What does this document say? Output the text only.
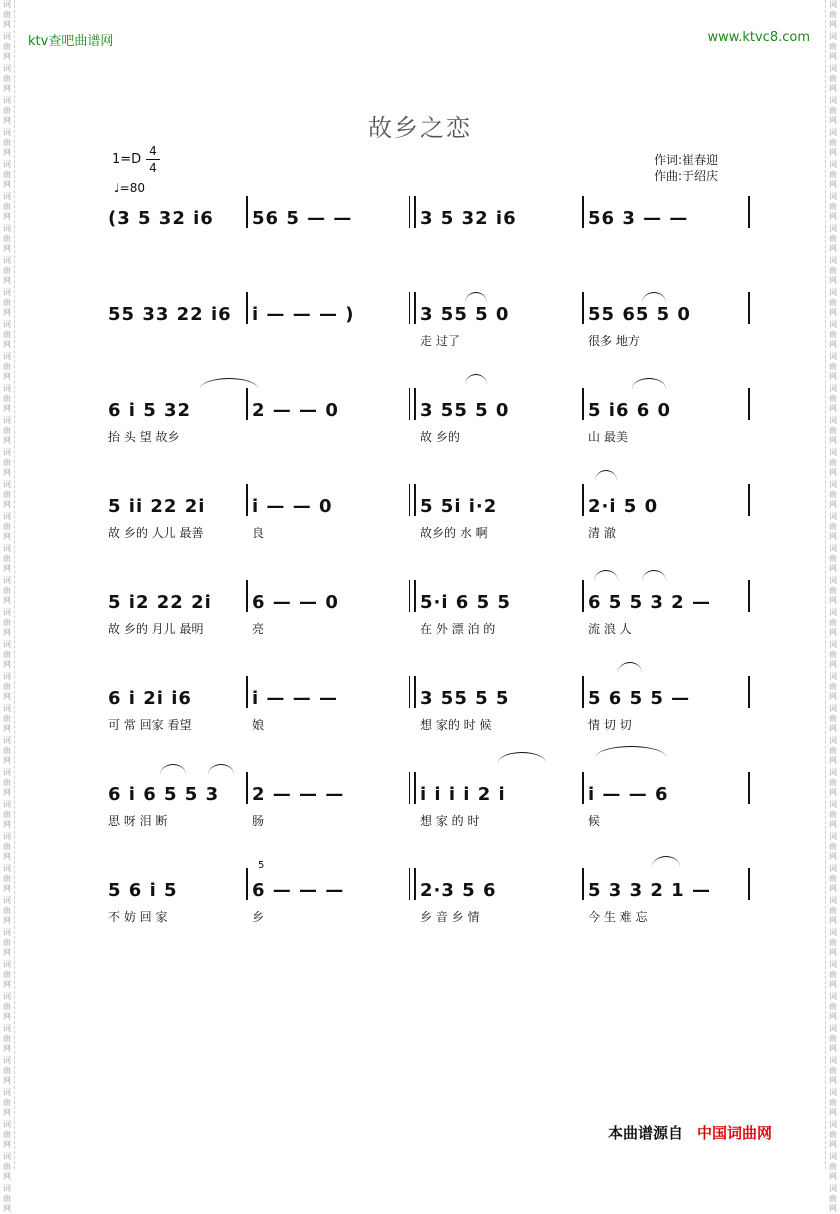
词
曲
网
词
曲
网
词
曲
网
词
曲
网
词
曲
网
词
曲
网
词
曲
网
词
曲
网
词
曲
网
词
曲
网
词
曲
网
词
曲
网
词
曲
网
词
曲
网
词
曲
网
词
曲
网
词
曲
网
词
曲
网
词
曲
网
词
曲
网
词
曲
网
词
曲
网
词
曲
网
词
曲
网
词
曲
网
词
曲
网
词
曲
网
词
曲
网
词
曲
网
词
曲
网
词
曲
网
词
曲
网
词
曲
网
词
曲
网
词
曲
网
词
曲
网
词
曲
网
词
曲
网
词
曲
网
词
曲
网
词
曲
网
词
曲
网
词
曲
网
词
曲
网
词
曲
网
词
曲
网
词
曲
网
词
曲
网
词
曲
网
词
曲
网
词
曲
网
词
曲
网
词
曲
网
词
曲
网
词
曲
网
词
曲
网
词
曲
网
词
曲
网
词
曲
网
词
曲
网
词
曲
网
词
曲
网
词
曲
网
词
曲
网
词
曲
网
词
曲
网
词
曲
网
词
曲
网
词
曲
网
词
曲
网
词
曲
网
词
曲
网
词
曲
网
词
曲
网
词
曲
网
词
曲
网
ktv查吧曲谱网	www.ktvc8.com
故乡之恋
1=D
4
4
♩=80
作词:崔春迎
作曲:于绍庆
(3 5 32 i6 56 5 — —	3 5 32 i6	56 3 — —
55 33 22 i6 i — — — )	3 55 5 0	55 65 5 0
走 过了	很多 地方
6 i 5 32	2 — — 0	3 55 5 0	5 i6 6 0
抬 头 望 故乡	故 乡的	山 最美
5 ii 22 2i	i — — 0	5 5i i·2	2·i 5 0
故 乡的 人儿 最善	良	故乡的 水 啊	清 澈
5 i2 22 2i 6 — — 0	5·i 6 5 5	6 5 5 3 2 —
故 乡的 月儿 最明	亮	在 外 漂 泊 的	流 浪 人
6 i 2i i6	i — — —	3 55 5 5	5 6 5 5 —
可 常 回家 看望	娘	想 家的 时 候	情 切 切
6 i 6 5 5 3 2 — — —	i i i i 2 i	i — — 6
思 呀 泪 断	肠	想 家 的 时	候
5 6 i 5	6 — — —	2·3 5 6	5 3 3 2 1 —
不 妨 回 家	乡	乡 音 乡 情	今 生 难 忘
5
本曲谱源自 中国词曲网
